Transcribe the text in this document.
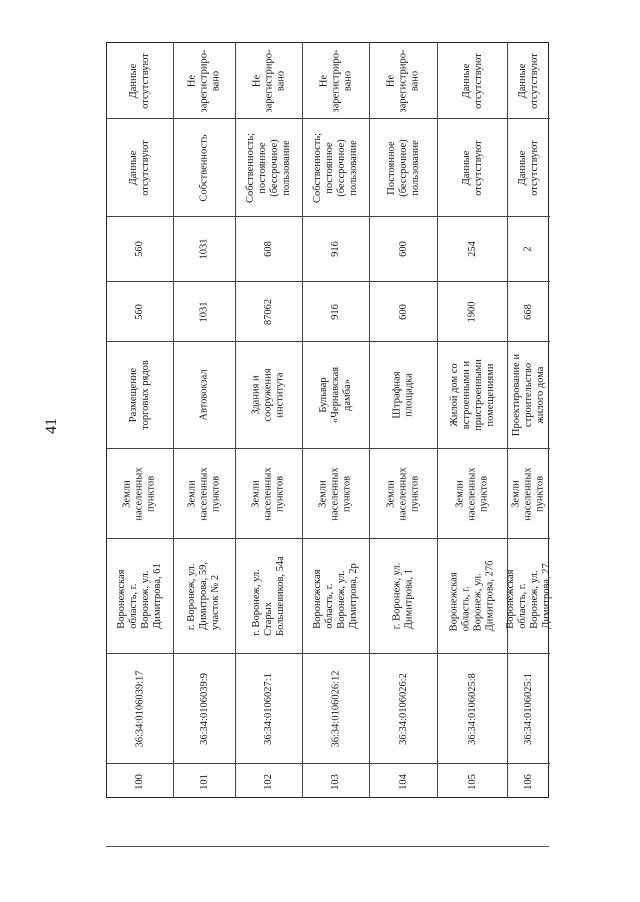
41
100
36:34:0106039:17
Воронежская
область, г.
Воронеж, ул.
Димитрова, 61
Земли
населенных
пунктов
Размещение
торговых рядов
560
560
Данные
отсутствуют
Данные
отсутствуют
101
36:34:0106039:9
г. Воронеж, ул.
Димитрова, 59,
участок № 2
Земли
населенных
пунктов
Автовокзал
1031
1031
Собственность
Не
зарегистриро-
вано
102
36:34:0106027:1
г. Воронеж, ул.
Старых
Большевиков, 54а
Земли
населенных
пунктов
Здания и
сооружения
института
87062
608
Собственность;
постоянное
(бессрочное)
пользование
Не
зарегистриро-
вано
103
36:34:0106026:12
Воронежская
область, г.
Воронеж, ул.
Димитрова, 2р
Земли
населенных
пунктов
Бульвар
«Чернавская
дамба»
916
916
Собственность;
постоянное
(бессрочное)
пользование
Не
зарегистриро-
вано
104
36:34:0106026:2
г. Воронеж, ул.
Димитрова, 1
Земли
населенных
пунктов
Штрафная
площадка
600
600
Постоянное
(бессрочное)
пользование
Не
зарегистриро-
вано
105
36:34:0106025:8
Воронежская
область, г.
Воронеж, ул.
Димитрова, 27б
Земли
населенных
пунктов
Жилой дом со
встроенными и
пристроенными
помещениями
1900
254
Данные
отсутствуют
Данные
отсутствуют
106
36:34:0106025:1
Воронежская
область, г.
Воронеж, ул.
Димитрова, 27
Земли
населенных
пунктов
Проектирование и
строительство
жилого дома
668
2
Данные
отсутствуют
Данные
отсутствуют
